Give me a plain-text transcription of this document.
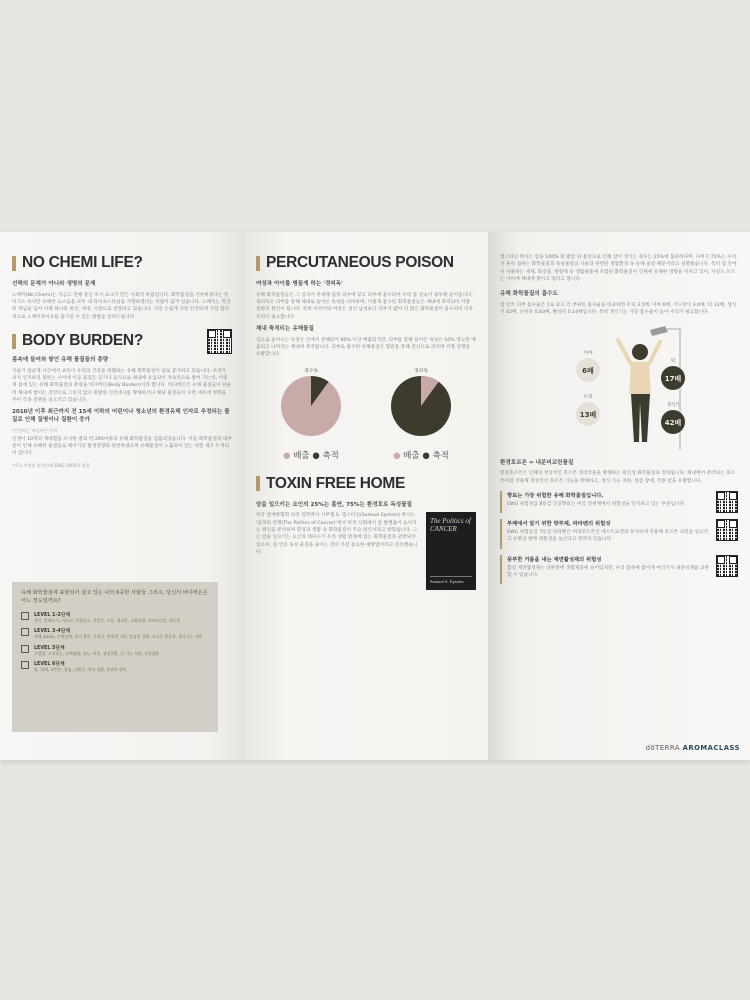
NO CHEMI LIFE?
선택의 문제가 아니라 생명의 문제
노케미(No Chemi)는 지금도 진행 중인 옥시 쇼크가 만든 사회적 바람입니다. 화학물질을 거부하겠다는 뜻이기도 하지만 유해한 요소들을 모두 내 라이프스타일을 지향하겠다는 바람이 담겨 있습니다. 노케미는 막연한 개념을 넘어 이제 하나의 현상, 세대, 시장으로 성장하고 있습니다. 가장 손쉽게 가장 안전하게 가장 합리적으로 노케미라이프를 즐기실 수 있는 방법을 알려드립니다.
BODY BURDEN?
몸속에 들어와 쌓인 유해 물질들의 총량
가습기 살균제 사건에서 보듯이 우리의 건강을 위협하는 유해 화학물질이 널로 증가하고 있습니다. 우리가 의지 인지하지 못하는 사이에 이들 물질은 공기나 음식으로 체내에 유입되어 지속적으로 쌓여 가는데, 이렇게 몸에 있는 유해 화학물질의 총량을 바디버든(Body Burden)이라 합니다. 바디버든은 유해 물질들이 단순히 체내에 쌓이는 것만으로 그치지 않고 원활한 신진대사를 방해하거나 체당 물질들이 수면 세포에 영향을 주어 각종 질병을 일으키고 있습니다.
2010년 이후 최근까지 전 15세 이하의 어린이나 청소년의 환경유해 인자로 추정되는 물질로 인해 질병이나 질환이 증가
*인정되는 바디버든 수치
신생아 10개의 제대혈을 조사한 결과 약 290여종의 유해 화학물질을 검출되었습니다. 이들 화학물질의 대부분이 인체 유해한 물질들로 태아기의 발생영향과 관련하였으며 유해물질이 노출되어 있는 위험 세포 누적되어 갑니다.
*미국 비영리 환경단체 EWG 2005년 발표
유해 화학물질에 표현되어 살고 있는 나의 6중한 사람들 그리고, 당신의 바디버든은 어느 정도일까요?
LEVEL 1-2단계
천식, 알레르기, 아토피, 만성피로, 건망증, 두통, 생리통, 소화불량, 피부트러블, 편두통
LEVEL 3-4단계
자폐 ADHD, 수면장애, 정서 불안, 우울증, 면역력 저하, 갑상선 질환, 호르몬 불균형, 생식기능 저하
LEVEL 5단계
고혈압, 고지혈증, 동맥경화, 당뇨, 비만, 심장질환, 간 기능 저하, 신장질환
LEVEL 6단계
암, 치매, 파킨슨, 불임, 뇌졸중, 희귀 질환, 유전자 변이
PERCUTANEOUS POISON
여성과 아이를 병들게 하는 '경피독'
유해 화학물질들은 그 입자가 미세해 쉽게 피부에 닿고 피부에 흡수되어 우리 몸 깊숙이 침투해 들어옵니다. 경피독은 피부를 통해 체내로 들어온 독성을 의미하며, 이렇게 흡수된 화학물질들은 체내에 축적되어 각종 질병의 원인이 됩니다. 특히 어린이와 여성은 성인 남성보다 피부가 얇아 더 많은 화학물질이 흡수되어 더욱 주의가 필요합니다.
체내 축적되는 유해물질
입으로 들어오는 독성은 간에서 분해되어 90% 이상 배출되지만, 피부를 통해 들어온 독성은 10% 정도만 배출되고 나머지는 체내에 축적됩니다. 피부로 흡수된 유해물질은 혈관을 통해 전신으로 퍼지며 각종 질병을 유발합니다.
경구독	경피독
● 배출 ● 축적	● 배출 ● 축적
TOXIN FREE HOME
암을 일으키는 요인의 25%는 흡연, 75%는 환경호르 독성물질
미국 암예방협회 의장 의학박사 사무엘 S. 엡스타인(Samuel Epstein) 박사는 '암과의 전쟁(The Politics of Cancer)'에서 미국 사회에서 암 발병률이 높아지는 원인을 분석하며 환경과 생활 속 화학물질이 주요 원인이라고 밝혔습니다. 그는 암을 일으키는 요인의 대다수가 우리 생활 환경에 있는 화학물질과 관련되어 있으며, 집 안의 독성 물질을 줄이는 것이 가장 중요한 예방법이라고 강조했습니다.
The Politics of CANCER
Samuel S. Epstein
엡스타인 박사는 암을 100% 회 발암 위 흡연으로 인해 암이 생기는 경우는 25%에 불과하다며, 나머지 75%는 우리가 흔히 접하는 화학물질과 독성물질의 사용과 관련된 생활환경 속 유해 물질 때문이라고 설명했습니다. 특히 집 안에서 사용하는 세제, 화장품, 방향제 등 생활용품에 포함된 화학물질이 인체에 유해한 영향을 끼치고 있어, 자신도 모르는 사이에 체내에 쌓이고 있다고 합니다.
유해 화학물질의 흡수도
잘 안쓰 피부 흡수율은 1로 보고 각 부위의 흡수율을 비교하면 두피 3.5배, 이마 6배, 겨드랑이 3.6배, 턱 13배, 생식기 42배, 손바닥 0.83배, 발바닥 0.14배입니다. 특히 생식기는 가장 흡수율이 높아 주의가 필요합니다.
이마
6배
턱
17배
두피
13배
생식기
42배
환경호르몬 = 내분비교란물질
환경호르몬은 인체의 정상적인 호르몬 생리작용을 방해하는 외인성 화학물질로 정의됩니다. 체내에서 분비되는 호르몬처럼 작용해 정상적인 호르몬 기능을 방해하고, 생식 기능 저하, 성장 장애, 각종 암을 유발합니다.
향료는 가장 위험한 유해 화학물질입니다.
EWG 위험성급 8등급 인공향료는 미국 전세계에서 위험성을 인지하고 있는 부분입니다.
부패에서 알기 위한 방부제, 파라벤의 위험성
EWG 위험등급 7등급 파라벤은 여성호르몬인 에스트로겐과 유사하게 작용해 호르몬 교란을 일으키고 유방암 발병 위험성을 높인다고 알려져 있습니다.
풍부한 거품을 내는 계면활성제의 위험성
합성 계면활성제는 대부분에 생활제품에 들어있지만, 우리 몸속에 쌓이게 여러가지 내분비계를 교란할 수 있습니다.
dōTERRA AROMACLASS
